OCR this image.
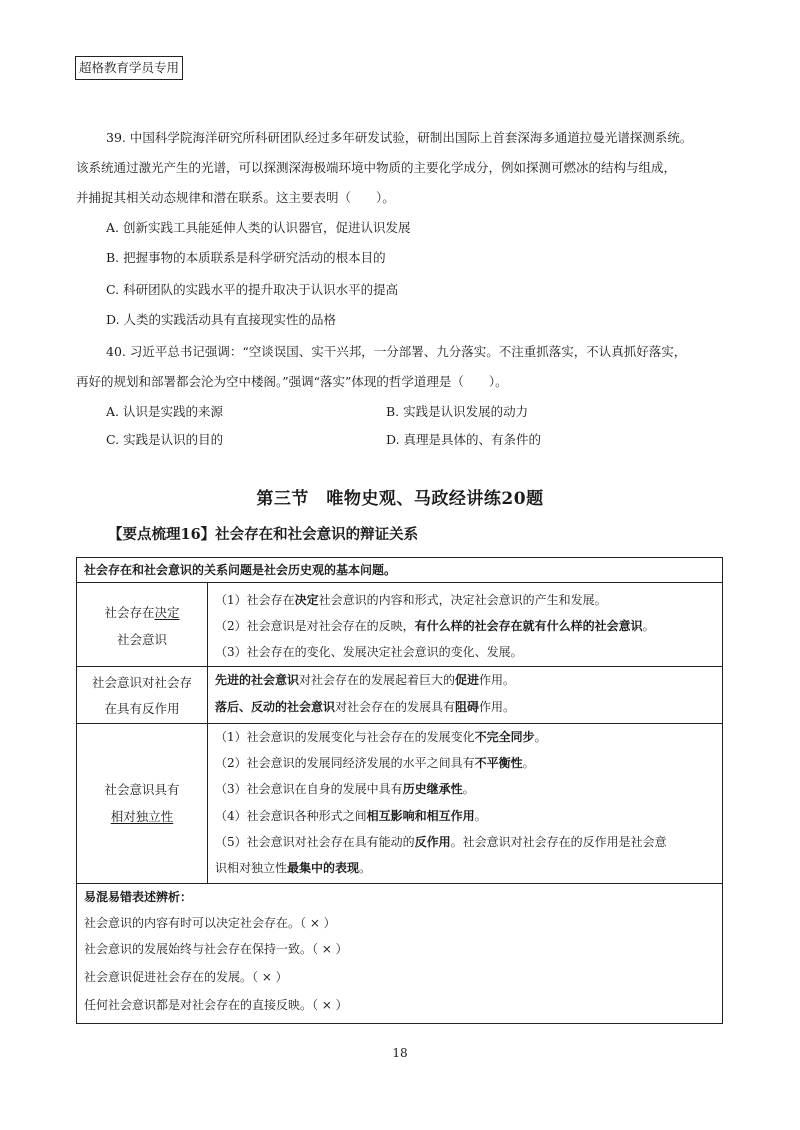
超格教育学员专用
39. 中国科学院海洋研究所科研团队经过多年研发试验，研制出国际上首套深海多通道拉曼光谱探测系统。
该系统通过激光产生的光谱，可以探测深海极端环境中物质的主要化学成分，例如探测可燃冰的结构与组成，
并捕捉其相关动态规律和潜在联系。这主要表明（　　）。
A. 创新实践工具能延伸人类的认识器官，促进认识发展
B. 把握事物的本质联系是科学研究活动的根本目的
C. 科研团队的实践水平的提升取决于认识水平的提高
D. 人类的实践活动具有直接现实性的品格
40. 习近平总书记强调：“空谈误国、实干兴邦，一分部署、九分落实。不注重抓落实，不认真抓好落实，
再好的规划和部署都会沦为空中楼阁。”强调“落实”体现的哲学道理是（　　）。
A. 认识是实践的来源	B. 实践是认识发展的动力
C. 实践是认识的目的	D. 真理是具体的、有条件的
第三节　唯物史观、马政经讲练20题
【要点梳理16】社会存在和社会意识的辩证关系
社会存在和社会意识的关系问题是社会历史观的基本问题。
社会存在决定
社会意识
（1）社会存在决定社会意识的内容和形式，决定社会意识的产生和发展。
（2）社会意识是对社会存在的反映，有什么样的社会存在就有什么样的社会意识。
（3）社会存在的变化、发展决定社会意识的变化、发展。
社会意识对社会存
在具有反作用
先进的社会意识对社会存在的发展起着巨大的促进作用。
落后、反动的社会意识对社会存在的发展具有阻碍作用。
社会意识具有
相对独立性
（1）社会意识的发展变化与社会存在的发展变化不完全同步。
（2）社会意识的发展同经济发展的水平之间具有不平衡性。
（3）社会意识在自身的发展中具有历史继承性。
（4）社会意识各种形式之间相互影响和相互作用。
（5）社会意识对社会存在具有能动的反作用。社会意识对社会存在的反作用是社会意
识相对独立性最集中的表现。
易混易错表述辨析：
社会意识的内容有时可以决定社会存在。（ × ）
社会意识的发展始终与社会存在保持一致。（ × ）
社会意识促进社会存在的发展。（ × ）
任何社会意识都是对社会存在的直接反映。（ × ）
18
